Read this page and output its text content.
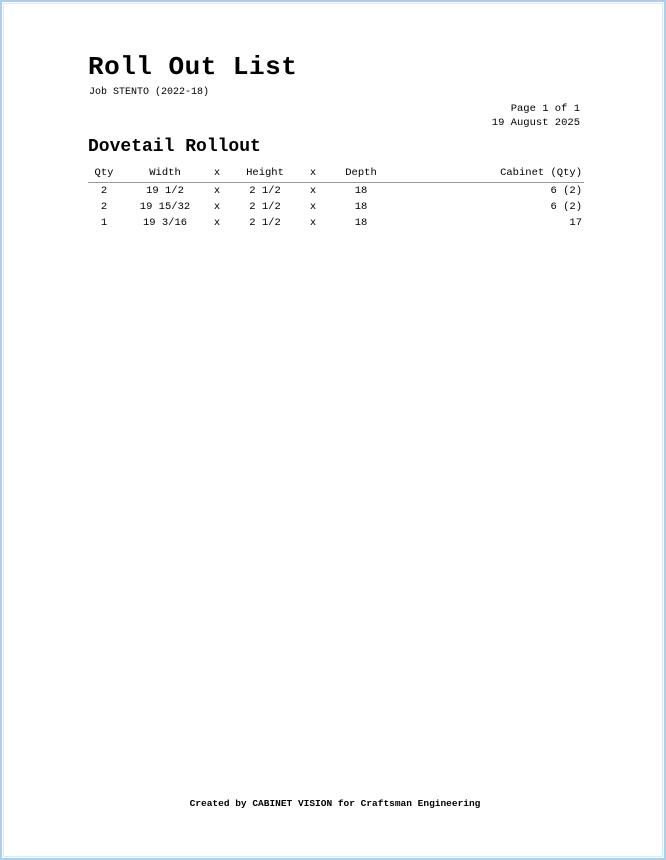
Roll Out List
Job STENTO (2022-18)
Page 1 of 1
19 August 2025
Dovetail Rollout
Qty	Width	x	Height	x	Depth	Cabinet (Qty)
2	19 1/2	x	2 1/2	x	18	6 (2)
2	19 15/32	x	2 1/2	x	18	6 (2)
1	19 3/16	x	2 1/2	x	18	17
Created by CABINET VISION for Craftsman Engineering
